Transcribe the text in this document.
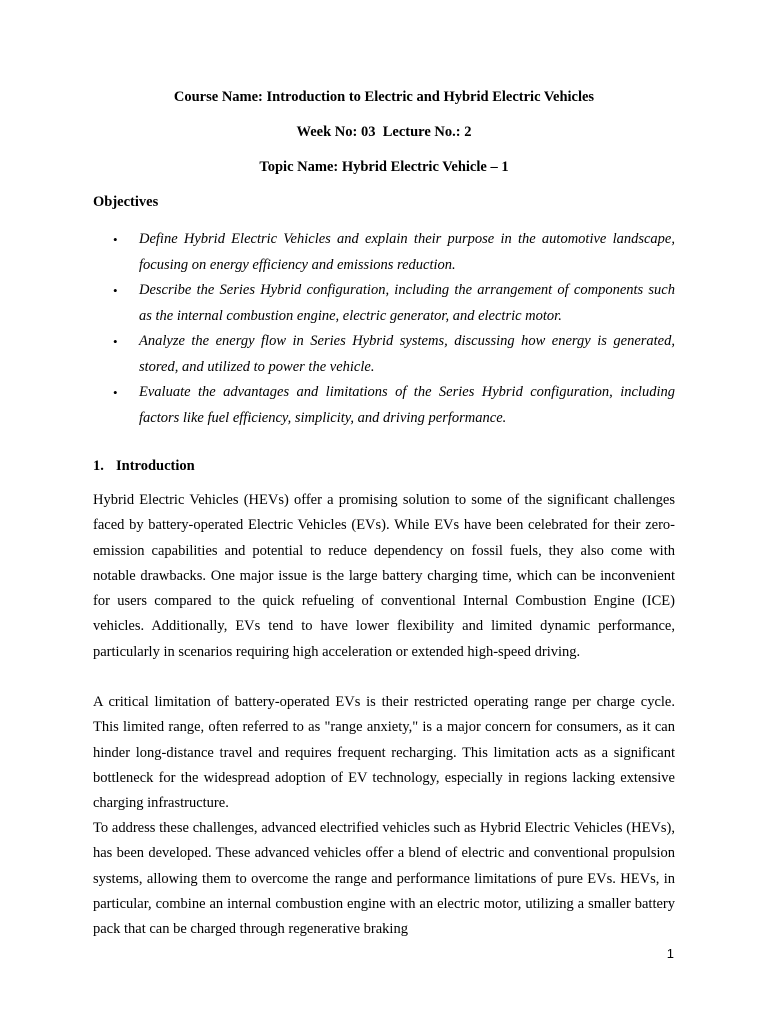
Course Name: Introduction to Electric and Hybrid Electric Vehicles
Week No: 03  Lecture No.: 2
Topic Name: Hybrid Electric Vehicle – 1
Objectives
• Define Hybrid Electric Vehicles and explain their purpose in the automotive landscape, focusing on energy efficiency and emissions reduction.
• Describe the Series Hybrid configuration, including the arrangement of components such as the internal combustion engine, electric generator, and electric motor.
• Analyze the energy flow in Series Hybrid systems, discussing how energy is generated, stored, and utilized to power the vehicle.
• Evaluate the advantages and limitations of the Series Hybrid configuration, including factors like fuel efficiency, simplicity, and driving performance.
1. Introduction

Hybrid Electric Vehicles (HEVs) offer a promising solution to some of the significant challenges faced by battery-operated Electric Vehicles (EVs). While EVs have been celebrated for their zero-emission capabilities and potential to reduce dependency on fossil fuels, they also come with notable drawbacks. One major issue is the large battery charging time, which can be inconvenient for users compared to the quick refueling of conventional Internal Combustion Engine (ICE) vehicles. Additionally, EVs tend to have lower flexibility and limited dynamic performance, particularly in scenarios requiring high acceleration or extended high-speed driving.

A critical limitation of battery-operated EVs is their restricted operating range per charge cycle. This limited range, often referred to as "range anxiety," is a major concern for consumers, as it can hinder long-distance travel and requires frequent recharging. This limitation acts as a significant bottleneck for the widespread adoption of EV technology, especially in regions lacking extensive charging infrastructure.

To address these challenges, advanced electrified vehicles such as Hybrid Electric Vehicles (HEVs), has been developed. These advanced vehicles offer a blend of electric and conventional propulsion systems, allowing them to overcome the range and performance limitations of pure EVs. HEVs, in particular, combine an internal combustion engine with an electric motor, utilizing a smaller battery pack that can be charged through regenerative braking

1
